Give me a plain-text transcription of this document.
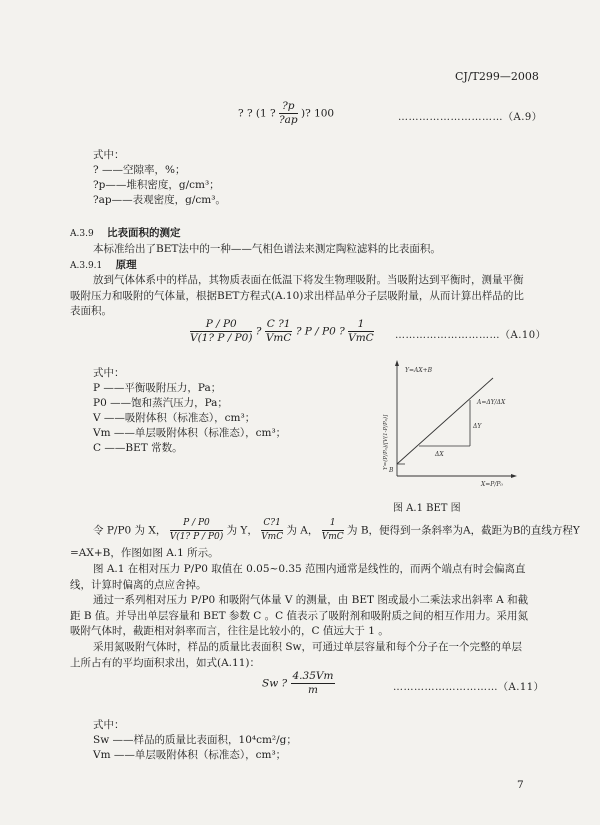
CJ/T299—2008
? ? (1 ? $\frac{?p}{?ap}$ )? 100	…………………………（A.9）
式中：
? ——空隙率，%；
?p——堆积密度，g/cm³；
?ap——表观密度，g/cm³。
A.3.9 比表面积的测定
本标准给出了BET法中的一种——气相色谱法来测定陶粒滤料的比表面积。
A.3.9.1 原理
放到气体体系中的样品，其物质表面在低温下将发生物理吸附。当吸附达到平衡时，测量平衡吸附压力和吸附的气体量，根据BET方程式(A.10)求出样品单分子层吸附量，从而计算出样品的比表面积。
$\frac{P / P0}{V(1? P / P0)}$ ? $\frac{C ?1}{\text{VmC}}$ ? P / P0 ? $\frac{1}{\text{VmC}}$ …………………………（A.10）
式中：
P ——平衡吸附压力，Pa；
P0 ——饱和蒸汽压力，Pa；
V ——吸附体积（标准态），cm³；
Vm ——单层吸附体积（标准态），cm³；
C ——BET 常数。	Y=(P/P₀)/[V(1-P/P₀)]
Y=AX+B
A=ΔY/ΔX
ΔY
ΔX
B
X=P/P₀
图 A.1 BET 图
令 P/P0 为 X， $\frac{P / P0}{V(1? P / P0)}$ 为 Y， $\frac{C?1}{\text{VmC}}$ 为 A， $\frac{1}{\text{VmC}}$ 为 B，便得到一条斜率为A，截距为B的直线方程Y
=AX+B，作图如图 A.1 所示。
图 A.1 在相对压力 P/P0 取值在 0.05~0.35 范围内通常是线性的，而两个端点有时会偏离直线，计算时偏离的点应舍掉。
通过一系列相对压力 P/P0 和吸附气体量 V 的测量，由 BET 图或最小二乘法求出斜率 A 和截距 B 值。并导出单层容量和 BET 参数 C 。C 值表示了吸附剂和吸附质之间的相互作用力。采用氮吸附气体时，截距相对斜率而言，往往是比较小的，C 值远大于 1 。
采用氮吸附气体时，样品的质量比表面积 Sw，可通过单层容量和每个分子在一个完整的单层上所占有的平均面积求出，如式(A.11)：
Sw ? $\frac{4.35Vm}{m}$	…………………………（A.11）
式中：
Sw ——样品的质量比表面积，10⁴cm²/g；
Vm ——单层吸附体积（标准态），cm³；
7
